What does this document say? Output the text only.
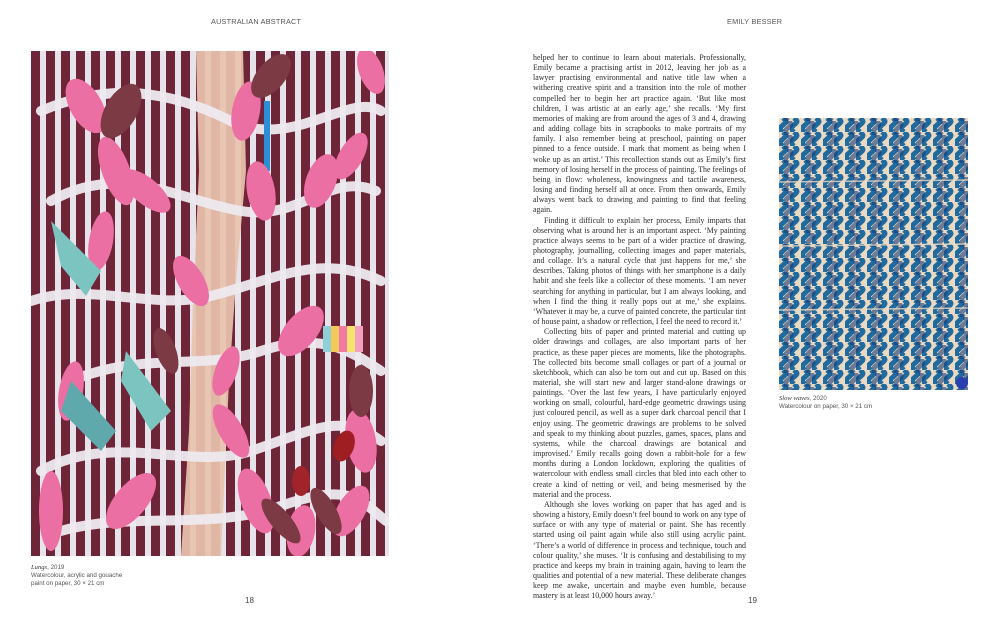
AUSTRALIAN ABSTRACT	EMILY BESSER
Lungs, 2019
Watercolour, acrylic and gouache
paint on paper, 30 × 21 cm

helped her to continue to learn about materials. Professionally, Emily became a practising artist in 2012, leaving her job as a lawyer practising environmental and native title law when a withering creative spirit and a transition into the role of mother compelled her to begin her art practice again. ‘But like most children, I was artistic at an early age,’ she recalls. ‘My first memories of making are from around the ages of 3 and 4, drawing and adding collage bits in scrapbooks to make portraits of my family. I also remember being at preschool, painting on paper pinned to a fence outside. I mark that moment as being when I woke up as an artist.’ This recollection stands out as Emily’s first memory of losing herself in the process of painting. The feelings of being in flow: wholeness, knowingness and tactile awareness, losing and finding herself all at once. From then onwards, Emily always went back to drawing and painting to find that feeling again.

Finding it difficult to explain her process, Emily imparts that observing what is around her is an important aspect. ‘My painting practice always seems to be part of a wider practice of drawing, photography, journalling, collecting images and paper materials, and collage. It’s a natural cycle that just happens for me,’ she describes. Taking photos of things with her smartphone is a daily habit and she feels like a collector of these moments. ‘I am never searching for anything in particular, but I am always looking, and when I find the thing it really pops out at me,’ she explains. ‘Whatever it may be, a curve of painted concrete, the particular tint of house paint, a shadow or reflection, I feel the need to record it.’

Collecting bits of paper and printed material and cutting up older drawings and collages, are also important parts of her practice, as these paper pieces are moments, like the photographs. The collected bits become small collages or part of a journal or sketchbook, which can also be torn out and cut up. Based on this material, she will start new and larger stand-alone drawings or paintings. ‘Over the last few years, I have particularly enjoyed working on small, colourful, hard-edge geometric drawings using just coloured pencil, as well as a super dark charcoal pencil that I enjoy using. The geometric drawings are problems to be solved and speak to my thinking about puzzles, games, spaces, plans and systems, while the charcoal drawings are botanical and improvised.’ Emily recalls going down a rabbit-hole for a few months during a London lockdown, exploring the qualities of watercolour with endless small circles that bled into each other to create a kind of netting or veil, and being mesmerised by the material and the process.

Although she loves working on paper that has aged and is showing a history, Emily doesn’t feel bound to work on any type of surface or with any type of material or paint. She has recently started using oil paint again while also still using acrylic paint. ‘There’s a world of difference in process and technique, touch and colour quality,’ she muses. ‘It is confusing and destabilising to my practice and keeps my brain in training again, having to learn the qualities and potential of a new material. These deliberate changes keep me awake, uncertain and maybe even humble, because mastery is at least 10,000 hours away.’

Slow waves, 2020
Watercolour on paper, 30 × 21 cm
18	19
